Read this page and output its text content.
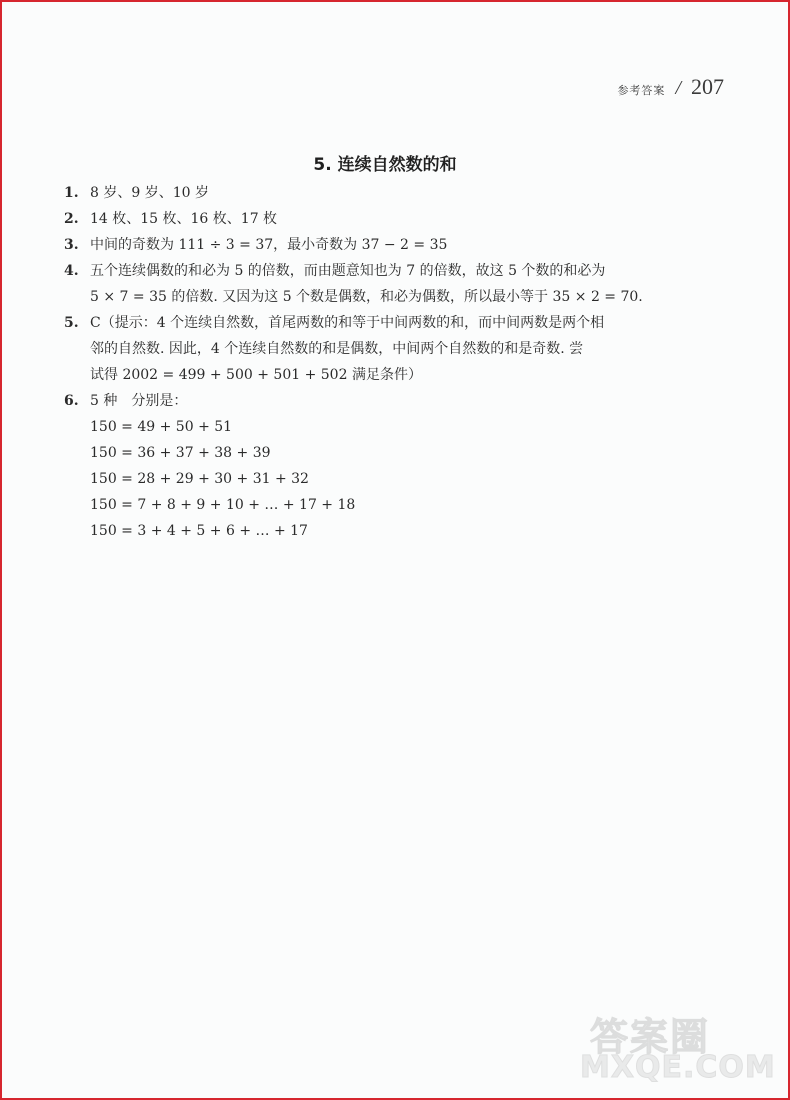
参考答案 / 207
5. 连续自然数的和
1. 8 岁、9 岁、10 岁
2. 14 枚、15 枚、16 枚、17 枚
3. 中间的奇数为 111 ÷ 3 = 37，最小奇数为 37 − 2 = 35
4. 五个连续偶数的和必为 5 的倍数，而由题意知也为 7 的倍数，故这 5 个数的和必为
5 × 7 = 35 的倍数. 又因为这 5 个数是偶数，和必为偶数，所以最小等于 35 × 2 = 70.
5. C（提示：4 个连续自然数，首尾两数的和等于中间两数的和，而中间两数是两个相
邻的自然数. 因此，4 个连续自然数的和是偶数，中间两个自然数的和是奇数. 尝
试得 2002 = 499 + 500 + 501 + 502 满足条件）
6. 5 种　分别是：
150 = 49 + 50 + 51
150 = 36 + 37 + 38 + 39
150 = 28 + 29 + 30 + 31 + 32
150 = 7 + 8 + 9 + 10 + … + 17 + 18
150 = 3 + 4 + 5 + 6 + … + 17
答案圈
MXQE.COM
